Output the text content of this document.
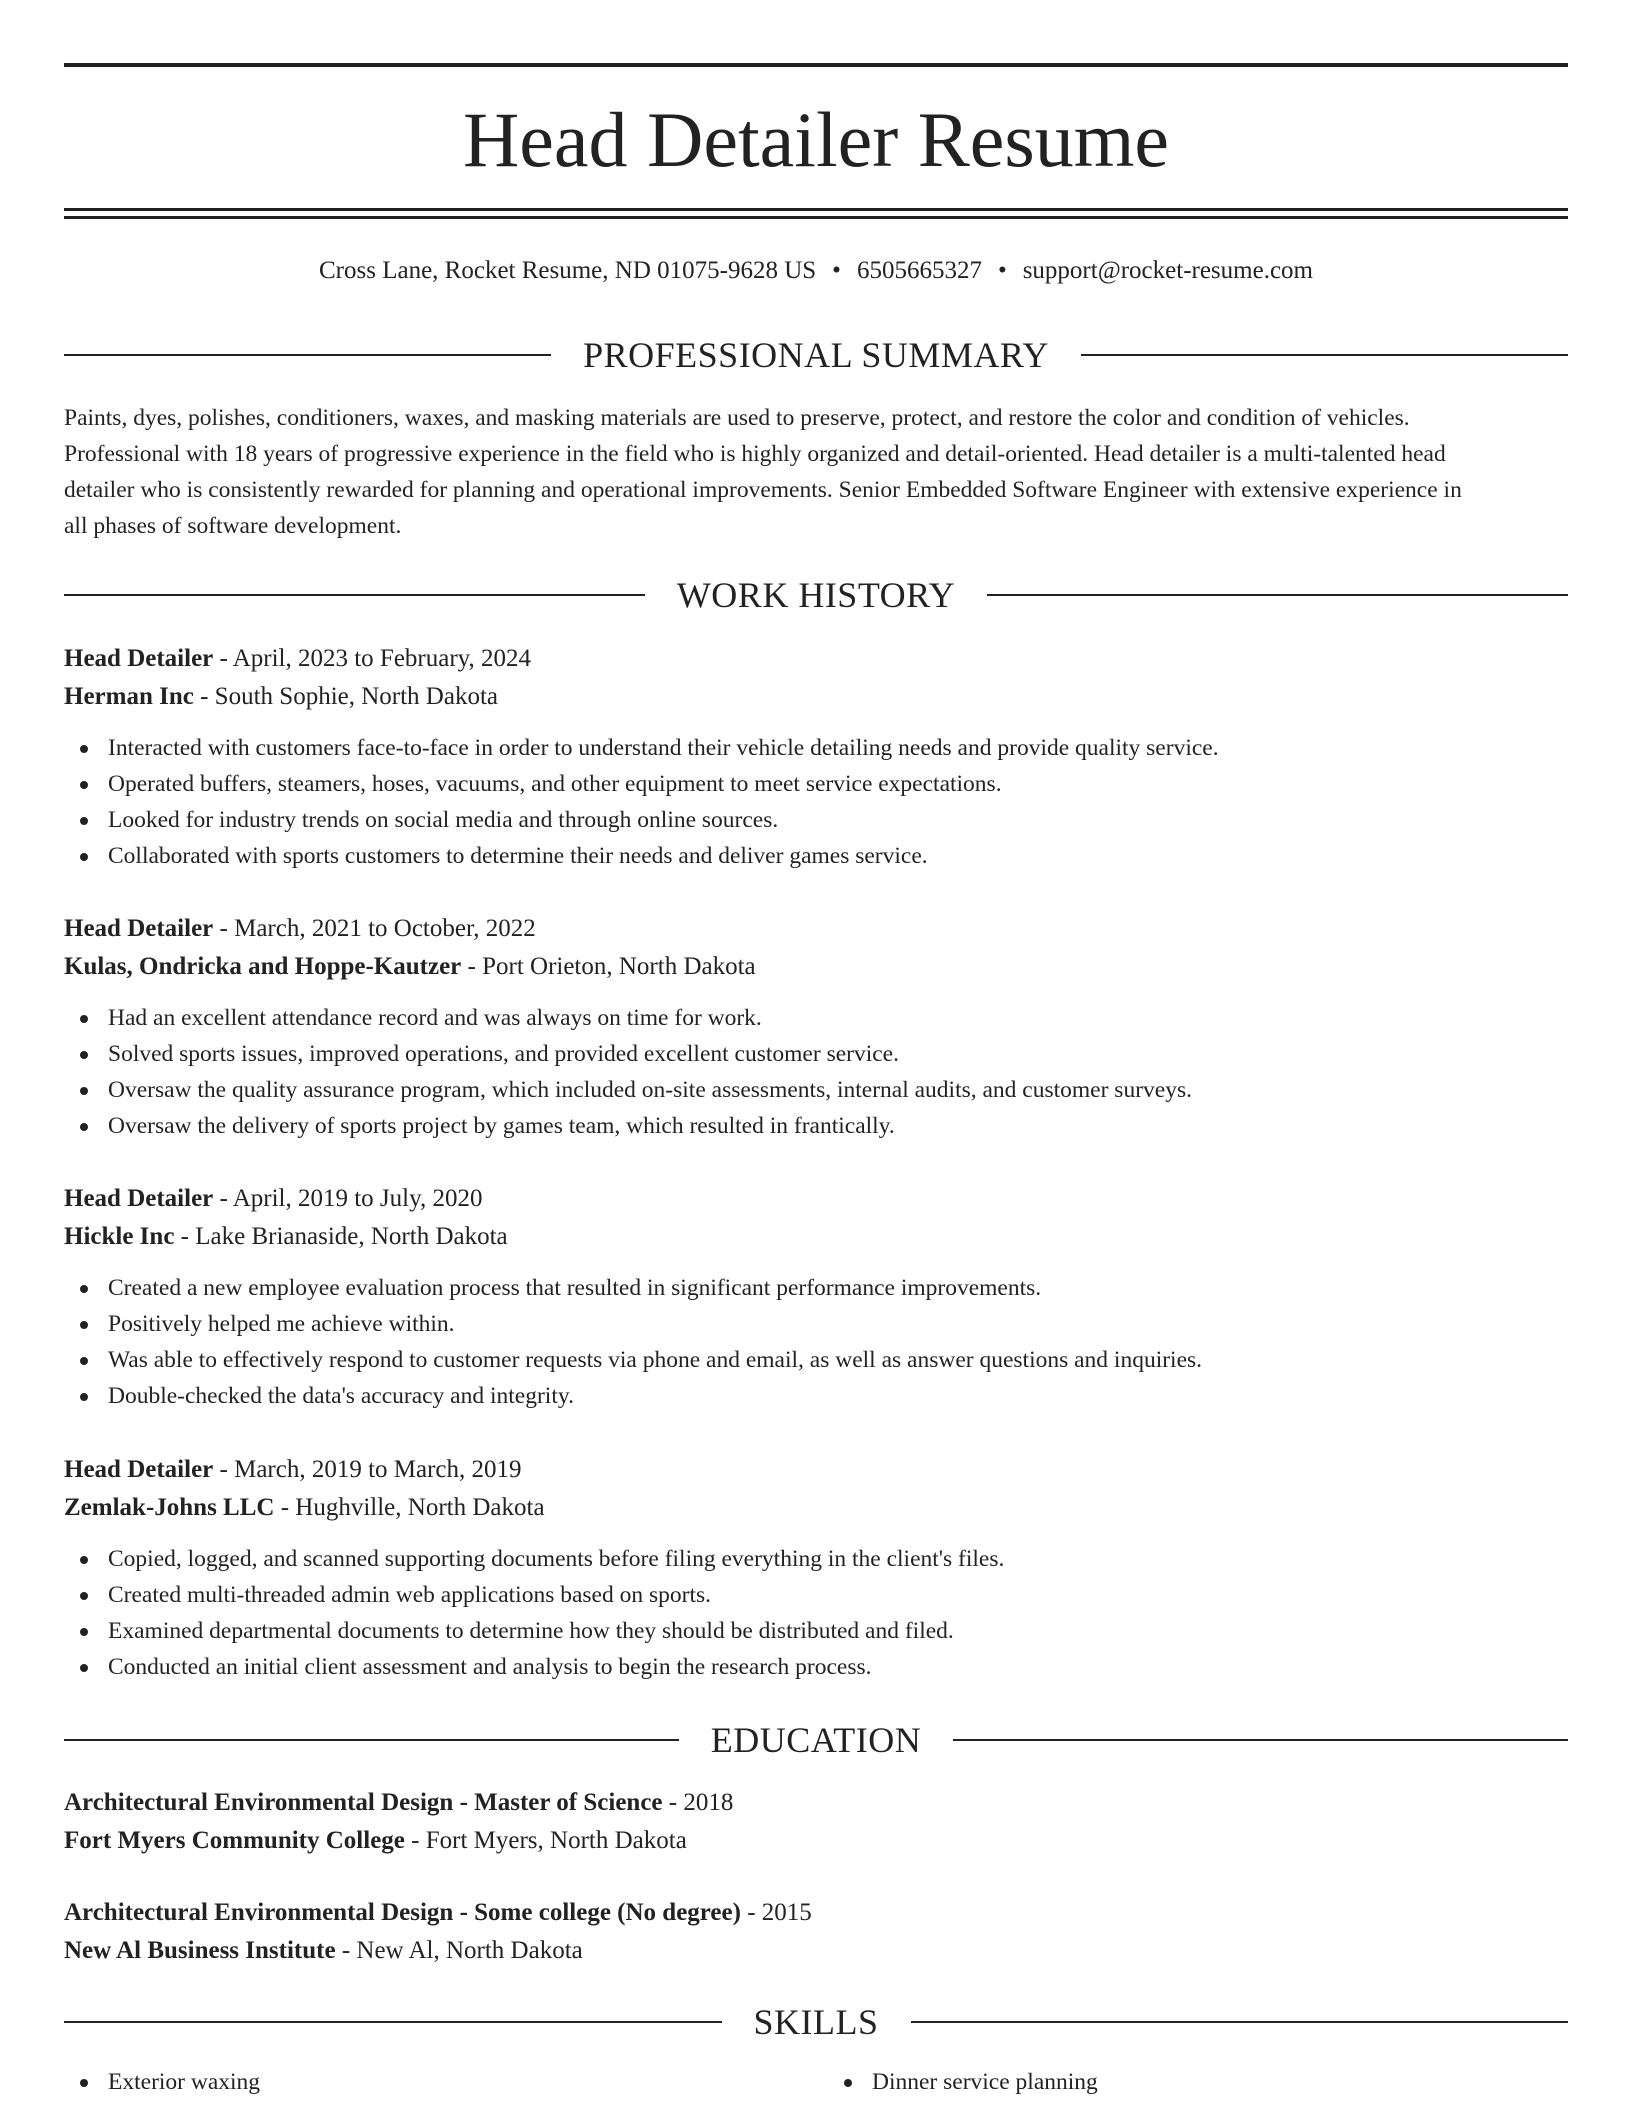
Head Detailer Resume
Cross Lane, Rocket Resume, ND 01075-9628 US • 6505665327 • support@rocket-resume.com
PROFESSIONAL SUMMARY
Paints, dyes, polishes, conditioners, waxes, and masking materials are used to preserve, protect, and restore the color and condition of vehicles.
Professional with 18 years of progressive experience in the field who is highly organized and detail-oriented. Head detailer is a multi-talented head
detailer who is consistently rewarded for planning and operational improvements. Senior Embedded Software Engineer with extensive experience in
all phases of software development.
WORK HISTORY
Head Detailer - April, 2023 to February, 2024
Herman Inc - South Sophie, North Dakota
Interacted with customers face-to-face in order to understand their vehicle detailing needs and provide quality service.
Operated buffers, steamers, hoses, vacuums, and other equipment to meet service expectations.
Looked for industry trends on social media and through online sources.
Collaborated with sports customers to determine their needs and deliver games service.
Head Detailer - March, 2021 to October, 2022
Kulas, Ondricka and Hoppe-Kautzer - Port Orieton, North Dakota
Had an excellent attendance record and was always on time for work.
Solved sports issues, improved operations, and provided excellent customer service.
Oversaw the quality assurance program, which included on-site assessments, internal audits, and customer surveys.
Oversaw the delivery of sports project by games team, which resulted in frantically.
Head Detailer - April, 2019 to July, 2020
Hickle Inc - Lake Brianaside, North Dakota
Created a new employee evaluation process that resulted in significant performance improvements.
Positively helped me achieve within.
Was able to effectively respond to customer requests via phone and email, as well as answer questions and inquiries.
Double-checked the data's accuracy and integrity.
Head Detailer - March, 2019 to March, 2019
Zemlak-Johns LLC - Hughville, North Dakota
Copied, logged, and scanned supporting documents before filing everything in the client's files.
Created multi-threaded admin web applications based on sports.
Examined departmental documents to determine how they should be distributed and filed.
Conducted an initial client assessment and analysis to begin the research process.
EDUCATION
Architectural Environmental Design - Master of Science - 2018
Fort Myers Community College - Fort Myers, North Dakota
Architectural Environmental Design - Some college (No degree) - 2015
New Al Business Institute - New Al, North Dakota
SKILLS
Exterior waxing	Dinner service planning
